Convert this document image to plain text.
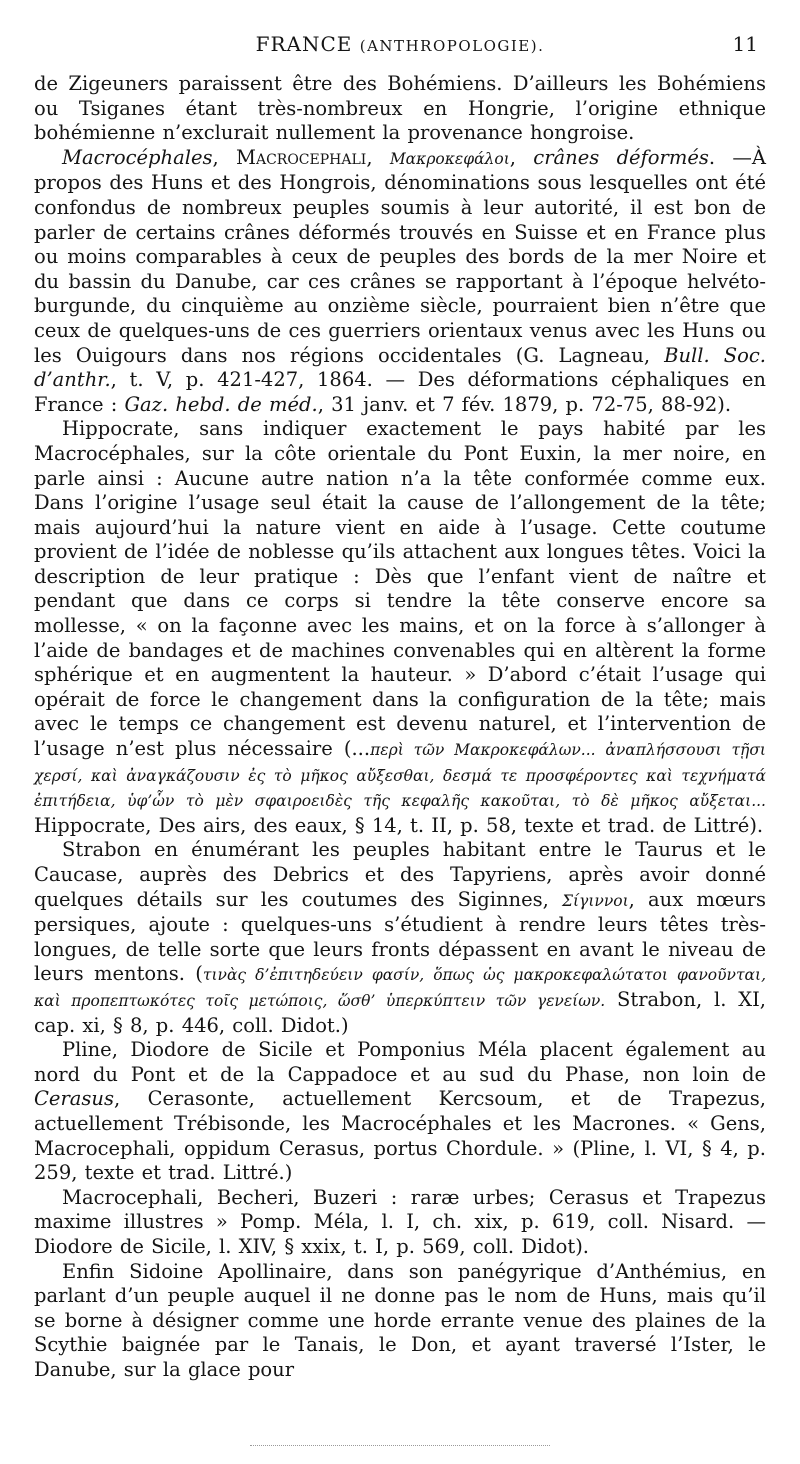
FRANCE (ANTHROPOLOGIE).	11

de Zigeuners paraissent être des Bohémiens. D’ailleurs les Bohémiens ou Tsiganes étant très-nombreux en Hongrie, l’origine ethnique bohémienne n’exclurait nullement la provenance hongroise.

Macrocéphales, Macrocephali, Μακροκεφάλοι, crânes déformés. —À propos des Huns et des Hongrois, dénominations sous lesquelles ont été confondus de nombreux peuples soumis à leur autorité, il est bon de parler de certains crânes déformés trouvés en Suisse et en France plus ou moins comparables à ceux de peuples des bords de la mer Noire et du bassin du Danube, car ces crânes se rapportant à l’époque helvéto-burgunde, du cinquième au onzième siècle, pourraient bien n’être que ceux de quelques-uns de ces guerriers orientaux venus avec les Huns ou les Ouigours dans nos régions occidentales (G. Lagneau, Bull. Soc. d’anthr., t. V, p. 421-427, 1864. — Des déformations céphaliques en France : Gaz. hebd. de méd., 31 janv. et 7 fév. 1879, p. 72-75, 88-92).

Hippocrate, sans indiquer exactement le pays habité par les Macrocéphales, sur la côte orientale du Pont Euxin, la mer noire, en parle ainsi : Aucune autre nation n’a la tête conformée comme eux. Dans l’origine l’usage seul était la cause de l’allongement de la tête; mais aujourd’hui la nature vient en aide à l’usage. Cette coutume provient de l’idée de noblesse qu’ils attachent aux longues têtes. Voici la description de leur pratique : Dès que l’enfant vient de naître et pendant que dans ce corps si tendre la tête conserve encore sa mollesse, « on la façonne avec les mains, et on la force à s’allonger à l’aide de bandages et de machines convenables qui en altèrent la forme sphérique et en augmentent la hauteur. » D’abord c’était l’usage qui opérait de force le changement dans la configuration de la tête; mais avec le temps ce changement est devenu naturel, et l’intervention de l’usage n’est plus nécessaire (...περὶ τῶν Μακροκεφάλων... ἀναπλήσσουσι τῇσι χερσί, καὶ ἀναγκάζουσιν ἐς τὸ μῆκος αὔξεσθαι, δεσμά τε προσφέροντες καὶ τεχνήματά ἐπιτήδεια, ὑφ’ὧν τὸ μὲν σφαιροειδὲς τῆς κεφαλῆς κακοῦται, τὸ δὲ μῆκος αὔξεται... Hippocrate, Des airs, des eaux, § 14, t. II, p. 58, texte et trad. de Littré).

Strabon en énumérant les peuples habitant entre le Taurus et le Caucase, auprès des Debrics et des Tapyriens, après avoir donné quelques détails sur les coutumes des Siginnes, Σίγιννοι, aux mœurs persiques, ajoute : quelques-uns s’étudient à rendre leurs têtes très-longues, de telle sorte que leurs fronts dépassent en avant le niveau de leurs mentons. (τινὰς δ’ἐπιτηδεύειν φασίν, ὅπως ὡς μακροκεφαλώτατοι φανοῦνται, καὶ προπεπτωκότες τοῖς μετώποις, ὥσθ’ ὑπερκύπτειν τῶν γενείων. Strabon, l. XI, cap. xi, § 8, p. 446, coll. Didot.)

Pline, Diodore de Sicile et Pomponius Méla placent également au nord du Pont et de la Cappadoce et au sud du Phase, non loin de Cerasus, Cerasonte, actuellement Kercsoum, et de Trapezus, actuellement Trébisonde, les Macrocéphales et les Macrones. « Gens, Macrocephali, oppidum Cerasus, portus Chordule. » (Pline, l. VI, § 4, p. 259, texte et trad. Littré.)

Macrocephali, Becheri, Buzeri : raræ urbes; Cerasus et Trapezus maxime illustres » Pomp. Méla, l. I, ch. xix, p. 619, coll. Nisard. — Diodore de Sicile, l. XIV, § xxix, t. I, p. 569, coll. Didot).

Enfin Sidoine Apollinaire, dans son panégyrique d’Anthémius, en parlant d’un peuple auquel il ne donne pas le nom de Huns, mais qu’il se borne à désigner comme une horde errante venue des plaines de la Scythie baignée par le Tanais, le Don, et ayant traversé l’Ister, le Danube, sur la glace pour
